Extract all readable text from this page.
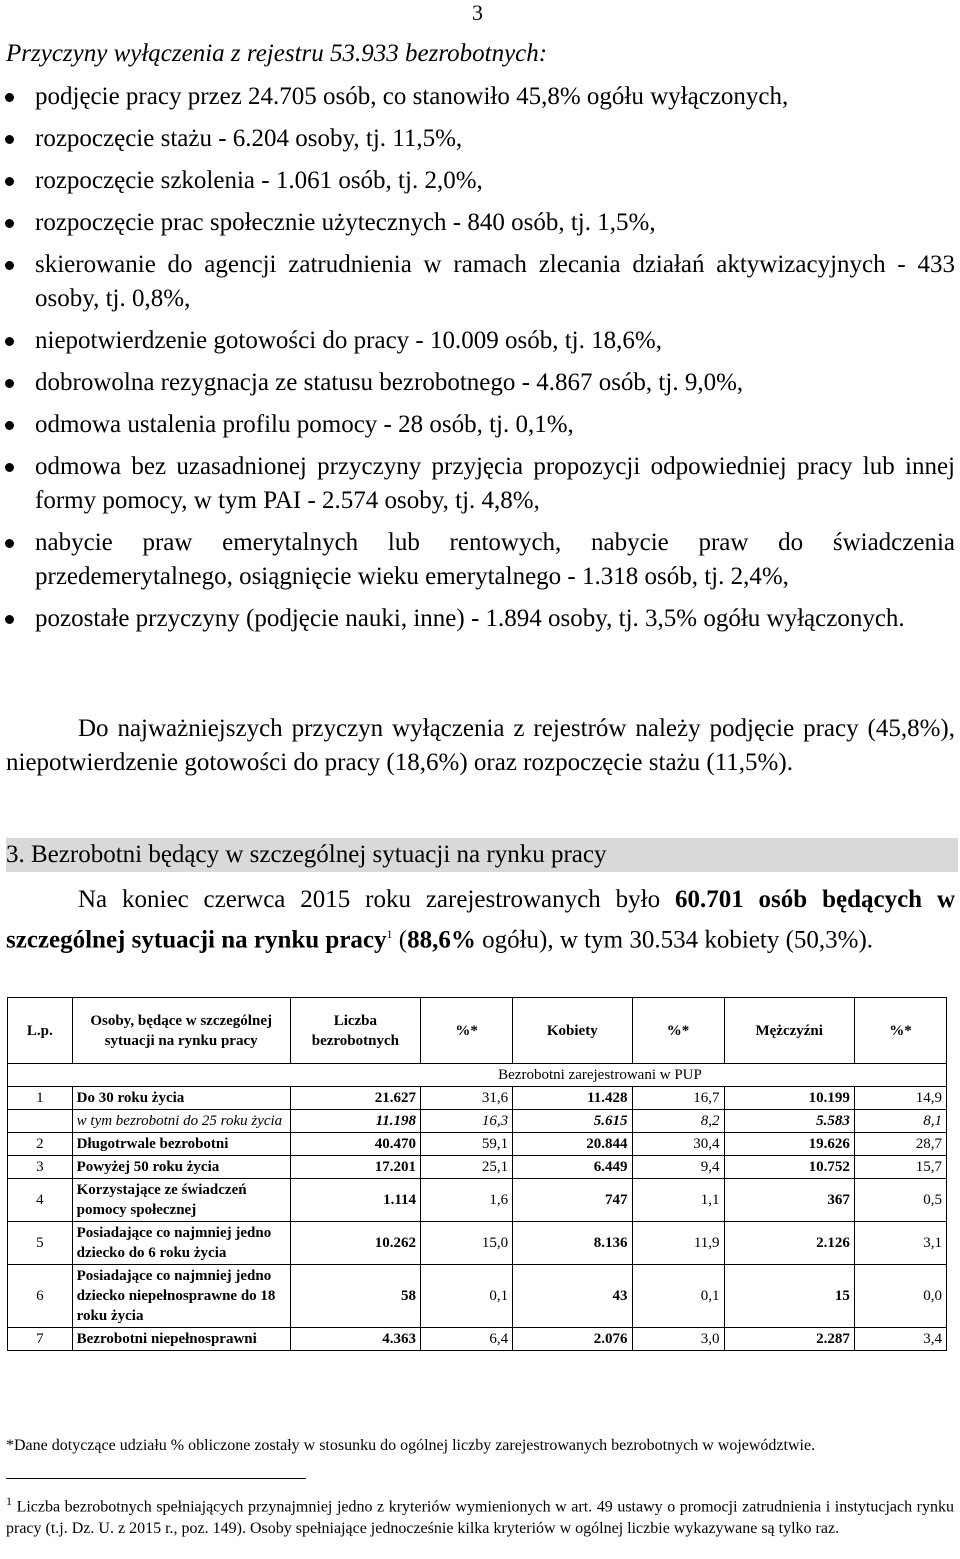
3
Przyczyny wyłączenia z rejestru 53.933 bezrobotnych:
podjęcie pracy przez 24.705 osób, co stanowiło 45,8% ogółu wyłączonych,
rozpoczęcie stażu - 6.204 osoby, tj. 11,5%,
rozpoczęcie szkolenia - 1.061 osób, tj. 2,0%,
rozpoczęcie prac społecznie użytecznych - 840 osób, tj. 1,5%,
skierowanie do agencji zatrudnienia w ramach zlecania działań aktywizacyjnych - 433 osoby, tj. 0,8%,
niepotwierdzenie gotowości do pracy - 10.009 osób, tj. 18,6%,
dobrowolna rezygnacja ze statusu bezrobotnego - 4.867 osób, tj. 9,0%,
odmowa ustalenia profilu pomocy - 28 osób, tj. 0,1%,
odmowa bez uzasadnionej przyczyny przyjęcia propozycji odpowiedniej pracy lub innej formy pomocy, w tym PAI - 2.574 osoby, tj. 4,8%,
nabycie praw emerytalnych lub rentowych, nabycie praw do świadczenia przedemerytalnego, osiągnięcie wieku emerytalnego - 1.318 osób, tj. 2,4%,
pozostałe przyczyny (podjęcie nauki, inne) - 1.894 osoby, tj. 3,5% ogółu wyłączonych.
Do najważniejszych przyczyn wyłączenia z rejestrów należy podjęcie pracy (45,8%), niepotwierdzenie gotowości do pracy (18,6%) oraz rozpoczęcie stażu (11,5%).
3. Bezrobotni będący w szczególnej sytuacji na rynku pracy
Na koniec czerwca 2015 roku zarejestrowanych było 60.701 osób będących w szczególnej sytuacji na rynku pracy$^1$ (88,6% ogółu), w tym 30.534 kobiety (50,3%).
L.p.	Osoby, będące w szczególnej sytuacji na rynku pracy	Liczba bezrobotnych	%*	Kobiety	%*	Mężczyźni	%*
Bezrobotni zarejestrowani w PUP							
1	Do 30 roku życia	21.627	31,6	11.428	16,7	10.199	14,9
	w tym bezrobotni do 25 roku życia	11.198	16,3	5.615	8,2	5.583	8,1
2	Długotrwale bezrobotni	40.470	59,1	20.844	30,4	19.626	28,7
3	Powyżej 50 roku życia	17.201	25,1	6.449	9,4	10.752	15,7
4	Korzystające ze świadczeń pomocy społecznej	1.114	1,6	747	1,1	367	0,5
5	Posiadające co najmniej jedno dziecko do 6 roku życia	10.262	15,0	8.136	11,9	2.126	3,1
6	Posiadające co najmniej jedno dziecko niepełnosprawne do 18 roku życia	58	0,1	43	0,1	15	0,0
7	Bezrobotni niepełnosprawni	4.363	6,4	2.076	3,0	2.287	3,4
*Dane dotyczące udziału % obliczone zostały w stosunku do ogólnej liczby zarejestrowanych bezrobotnych w województwie.
$^1$ Liczba bezrobotnych spełniających przynajmniej jedno z kryteriów wymienionych w art. 49 ustawy o promocji zatrudnienia i instytucjach rynku pracy (t.j. Dz. U. z 2015 r., poz. 149). Osoby spełniające jednocześnie kilka kryteriów w ogólnej liczbie wykazywane są tylko raz.
